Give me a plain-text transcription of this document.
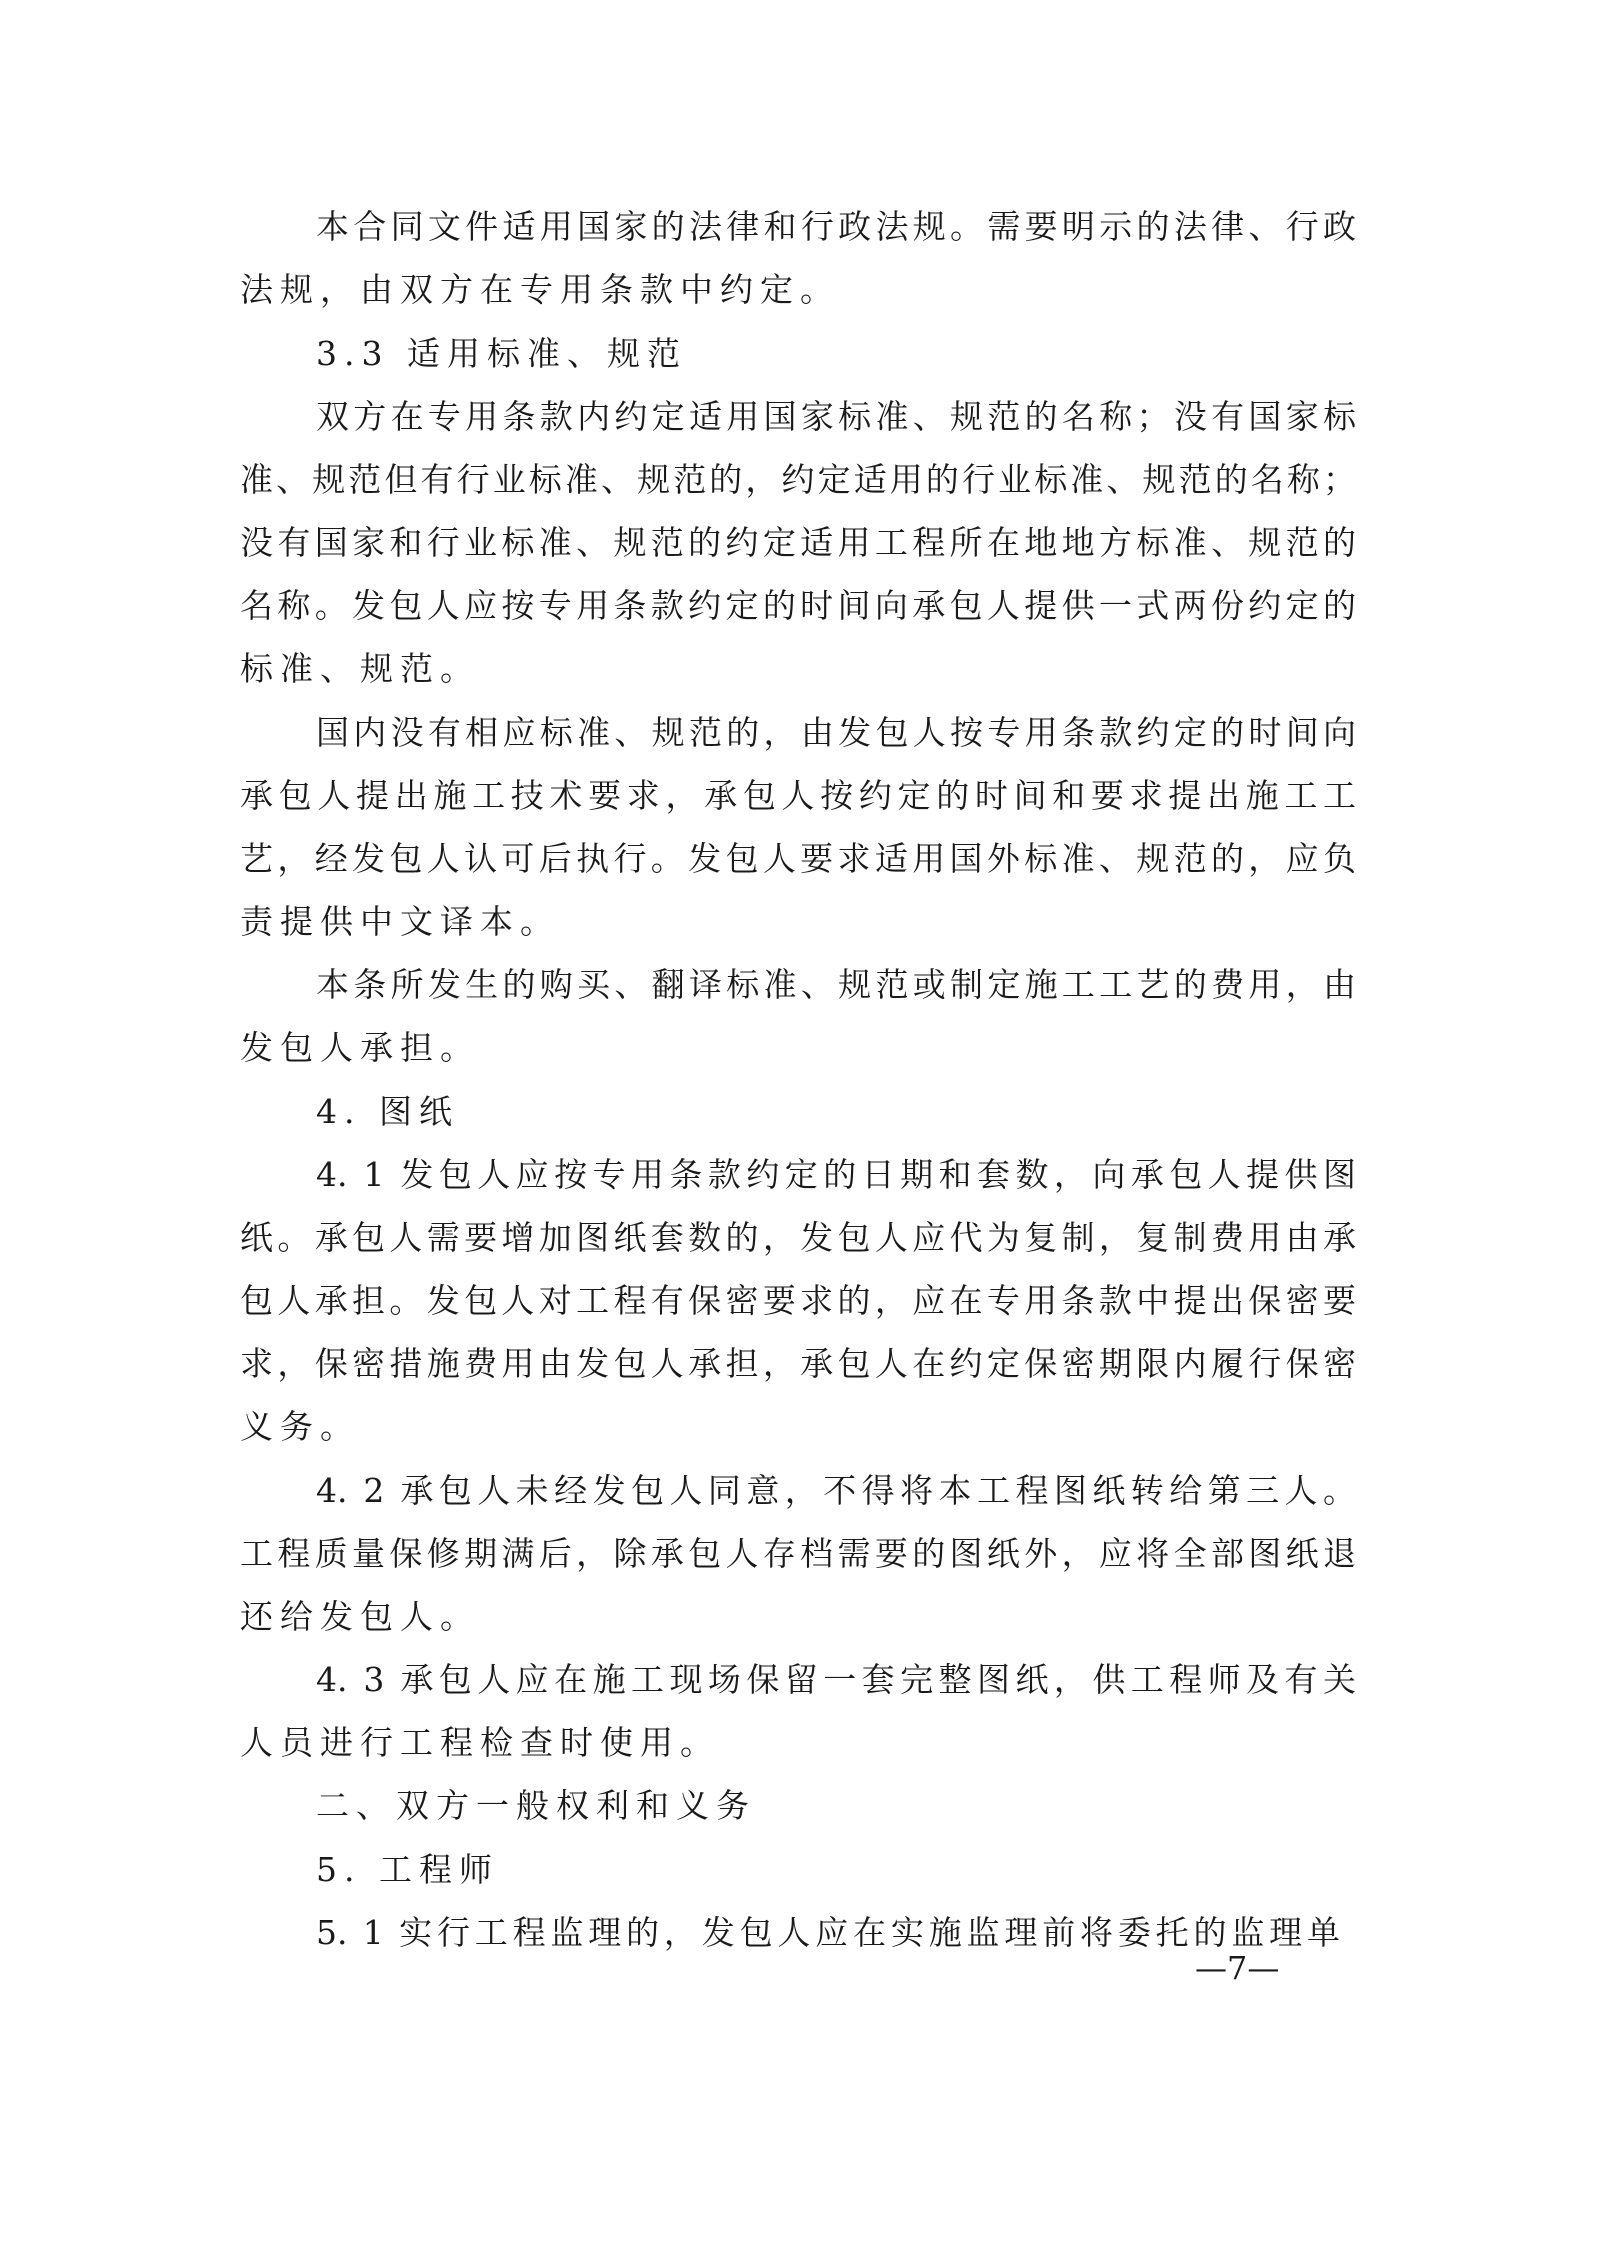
本合同文件适用国家的法律和行政法规。需要明示的法律、行政
法规，由双方在专用条款中约定。
3.3 适用标准、规范
双方在专用条款内约定适用国家标准、规范的名称；没有国家标
准、规范但有行业标准、规范的，约定适用的行业标准、规范的名称；
没有国家和行业标准、规范的约定适用工程所在地地方标准、规范的
名称。发包人应按专用条款约定的时间向承包人提供一式两份约定的
标准、规范。
国内没有相应标准、规范的，由发包人按专用条款约定的时间向
承包人提出施工技术要求，承包人按约定的时间和要求提出施工工
艺，经发包人认可后执行。发包人要求适用国外标准、规范的，应负
责提供中文译本。
本条所发生的购买、翻译标准、规范或制定施工工艺的费用，由
发包人承担。
4. 图纸
4. 1 发包人应按专用条款约定的日期和套数，向承包人提供图
纸。承包人需要增加图纸套数的，发包人应代为复制，复制费用由承
包人承担。发包人对工程有保密要求的，应在专用条款中提出保密要
求，保密措施费用由发包人承担，承包人在约定保密期限内履行保密
义务。
4. 2 承包人未经发包人同意，不得将本工程图纸转给第三人。
工程质量保修期满后，除承包人存档需要的图纸外，应将全部图纸退
还给发包人。
4. 3 承包人应在施工现场保留一套完整图纸，供工程师及有关
人员进行工程检查时使用。
二、双方一般权利和义务
5. 工程师
5. 1 实行工程监理的，发包人应在实施监理前将委托的监理单
—7—
